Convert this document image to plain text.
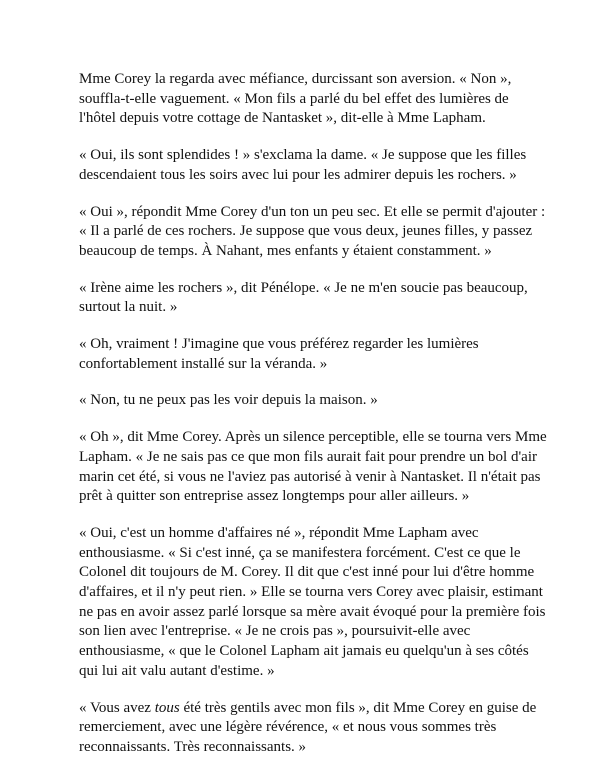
Mme Corey la regarda avec méfiance, durcissant son aversion. « Non », souffla-t-elle vaguement. « Mon fils a parlé du bel effet des lumières de l'hôtel depuis votre cottage de Nantasket », dit-elle à Mme Lapham.

« Oui, ils sont splendides ! » s'exclama la dame. « Je suppose que les filles descendaient tous les soirs avec lui pour les admirer depuis les rochers. »

« Oui », répondit Mme Corey d'un ton un peu sec. Et elle se permit d'ajouter : « Il a parlé de ces rochers. Je suppose que vous deux, jeunes filles, y passez beaucoup de temps. À Nahant, mes enfants y étaient constamment. »

« Irène aime les rochers », dit Pénélope. « Je ne m'en soucie pas beaucoup, surtout la nuit. »

« Oh, vraiment ! J'imagine que vous préférez regarder les lumières confortablement installé sur la véranda. »

« Non, tu ne peux pas les voir depuis la maison. »

« Oh », dit Mme Corey. Après un silence perceptible, elle se tourna vers Mme Lapham. « Je ne sais pas ce que mon fils aurait fait pour prendre un bol d'air marin cet été, si vous ne l'aviez pas autorisé à venir à Nantasket. Il n'était pas prêt à quitter son entreprise assez longtemps pour aller ailleurs. »

« Oui, c'est un homme d'affaires né », répondit Mme Lapham avec enthousiasme. « Si c'est inné, ça se manifestera forcément. C'est ce que le Colonel dit toujours de M. Corey. Il dit que c'est inné pour lui d'être homme d'affaires, et il n'y peut rien. » Elle se tourna vers Corey avec plaisir, estimant ne pas en avoir assez parlé lorsque sa mère avait évoqué pour la première fois son lien avec l'entreprise. « Je ne crois pas », poursuivit-elle avec enthousiasme, « que le Colonel Lapham ait jamais eu quelqu'un à ses côtés qui lui ait valu autant d'estime. »

« Vous avez tous été très gentils avec mon fils », dit Mme Corey en guise de remerciement, avec une légère révérence, « et nous vous sommes très reconnaissants. Très reconnaissants. »
